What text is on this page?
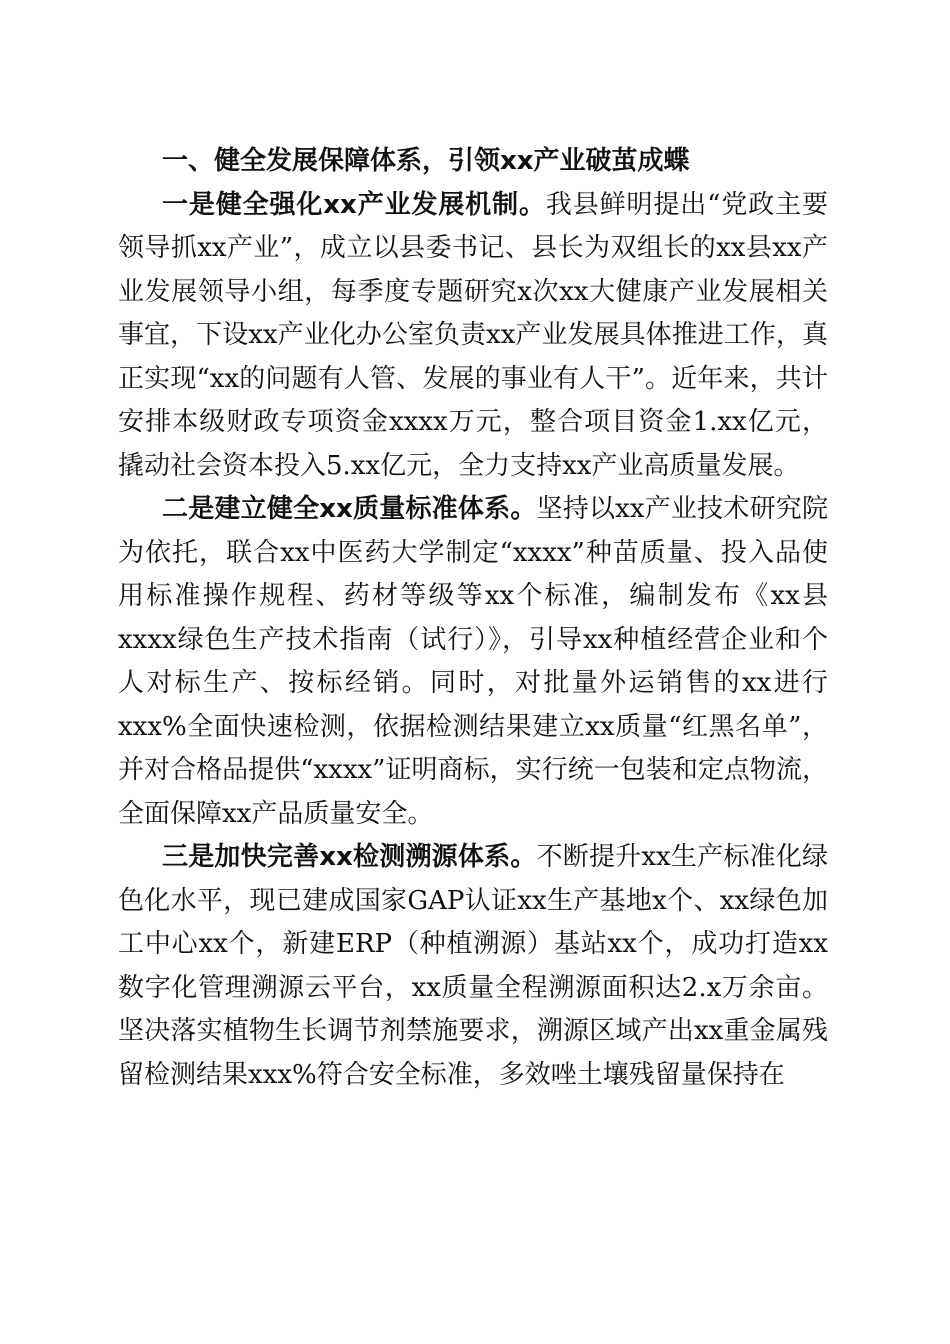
一、健全发展保障体系，引领xx产业破茧成蝶

一是健全强化xx产业发展机制。我县鲜明提出“党政主要领导抓xx产业”，成立以县委书记、县长为双组长的xx县xx产业发展领导小组，每季度专题研究x次xx大健康产业发展相关事宜，下设xx产业化办公室负责xx产业发展具体推进工作，真正实现“xx的问题有人管、发展的事业有人干”。近年来，共计安排本级财政专项资金xxxx万元，整合项目资金1.xx亿元，撬动社会资本投入5.xx亿元，全力支持xx产业高质量发展。

二是建立健全xx质量标准体系。坚持以xx产业技术研究院为依托，联合xx中医药大学制定“xxxx”种苗质量、投入品使用标准操作规程、药材等级等xx个标准，编制发布《xx县xxxx绿色生产技术指南（试行）》，引导xx种植经营企业和个人对标生产、按标经销。同时，对批量外运销售的xx进行xxx%全面快速检测，依据检测结果建立xx质量“红黑名单”，并对合格品提供“xxxx”证明商标，实行统一包装和定点物流，全面保障xx产品质量安全。

三是加快完善xx检测溯源体系。不断提升xx生产标准化绿色化水平，现已建成国家GAP认证xx生产基地x个、xx绿色加工中心xx个，新建ERP（种植溯源）基站xx个，成功打造xx数字化管理溯源云平台，xx质量全程溯源面积达2.x万余亩。坚决落实植物生长调节剂禁施要求，溯源区域产出xx重金属残留检测结果xxx%符合安全标准，多效唑土壤残留量保持在
